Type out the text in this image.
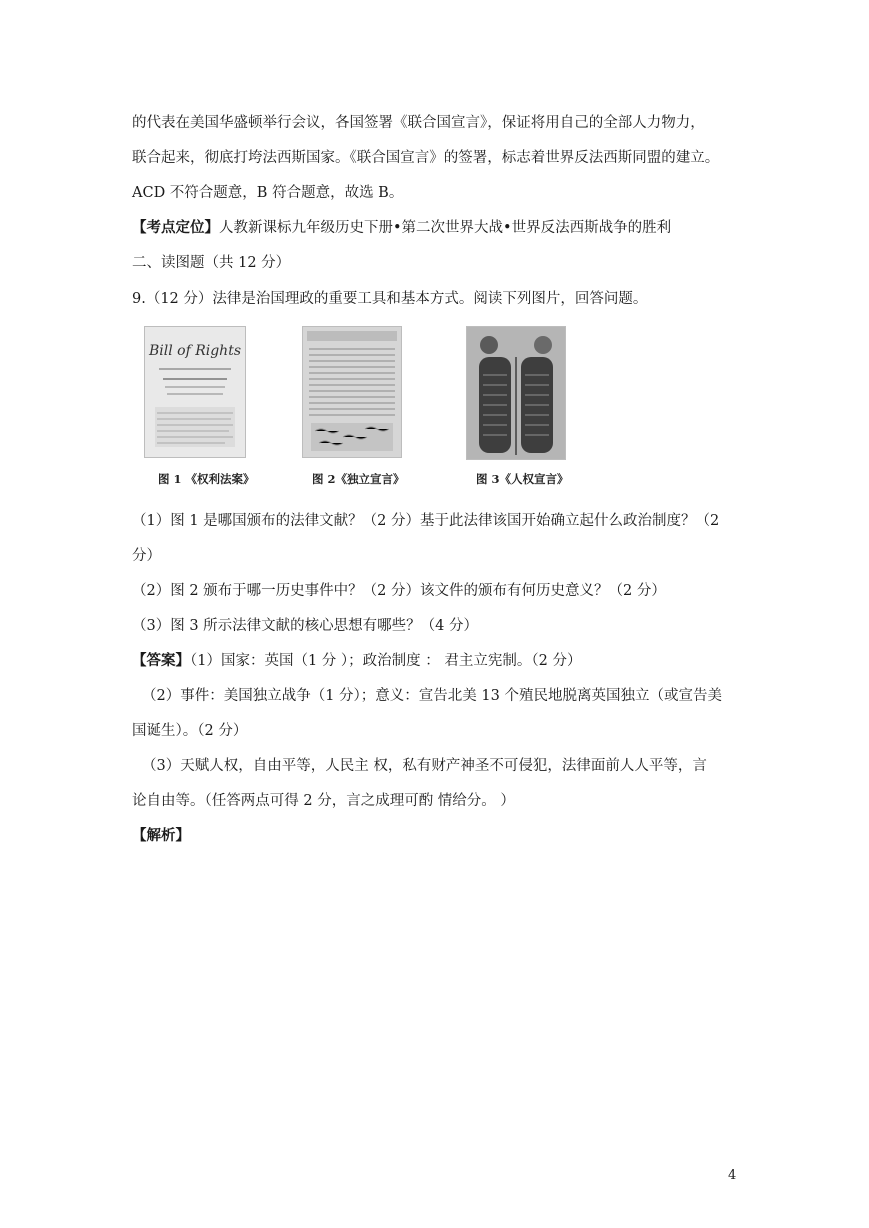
的代表在美国华盛顿举行会议，各国签署《联合国宣言》，保证将用自己的全部人力物力，
联合起来，彻底打垮法西斯国家。《联合国宣言》的签署，标志着世界反法西斯同盟的建立。
ACD 不符合题意，B 符合题意，故选 B。
【考点定位】人教新课标九年级历史下册•第二次世界大战•世界反法西斯战争的胜利
二、读图题（共 12 分）
9.（12 分）法律是治国理政的重要工具和基本方式。阅读下列图片，回答问题。
Bill of Rights
图 1 《权利法案》	图 2《独立宣言》	图 3《人权宣言》
（1）图 1 是哪国颁布的法律文献？（2 分）基于此法律该国开始确立起什么政治制度？（2
分）
（2）图 2 颁布于哪一历史事件中？（2 分）该文件的颁布有何历史意义？（2 分）
（3）图 3 所示法律文献的核心思想有哪些？（4 分）
【答案】（1）国家：英国（1 分 ）；政治制度 ： 君主立宪制。（2 分）
（2）事件：美国独立战争（1 分）；意义：宣告北美 13 个殖民地脱离英国独立（或宣告美
国诞生）。（2 分）
（3）天赋人权，自由平等，人民主 权，私有财产神圣不可侵犯，法律面前人人平等，言
论自由等。（任答两点可得 2 分，言之成理可酌 情给分。 ）
【解析】
4
